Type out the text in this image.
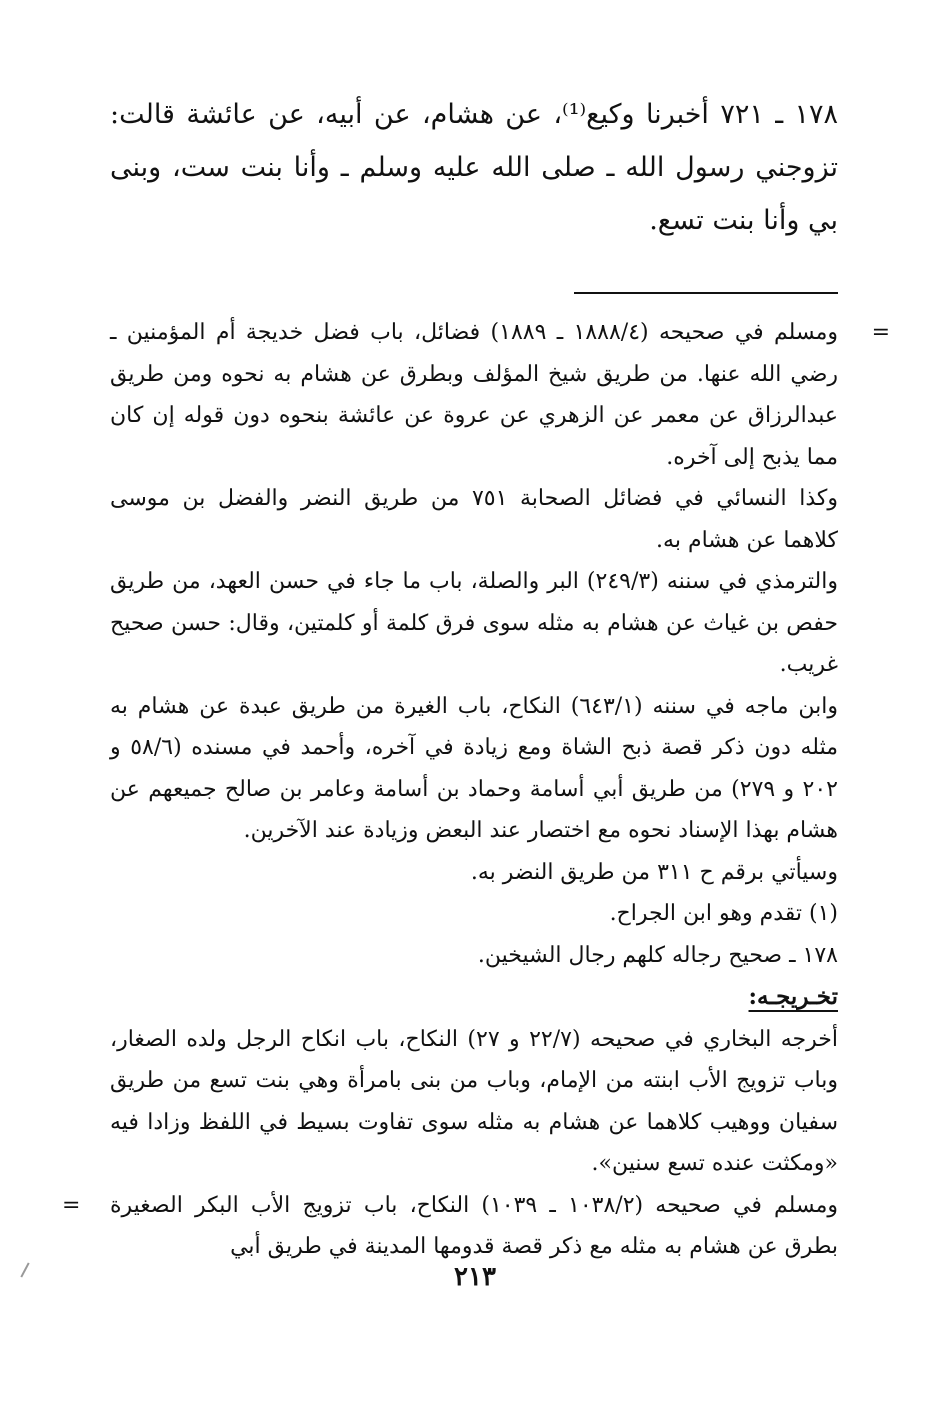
١٧٨ ـ ٧٢١ أخبرنا وكيع⁽¹⁾، عن هشام، عن أبيه، عن عائشة قالت: تزوجني رسول الله ـ صلى الله عليه وسلم ـ وأنا بنت ست، وبنى بي وأنا بنت تسع.

=
ومسلم في صحيحه (١٨٨٨/٤ ـ ١٨٨٩) فضائل، باب فضل خديجة أم المؤمنين ـ رضي الله عنها. من طريق شيخ المؤلف وبطرق عن هشام به نحوه ومن طريق عبدالرزاق عن معمر عن الزهري عن عروة عن عائشة بنحوه دون قوله إن كان مما يذبح إلى آخره.

وكذا النسائي في فضائل الصحابة ٧٥١ من طريق النضر والفضل بن موسى كلاهما عن هشام به.

والترمذي في سننه (٢٤٩/٣) البر والصلة، باب ما جاء في حسن العهد، من طريق حفص بن غياث عن هشام به مثله سوى فرق كلمة أو كلمتين، وقال: حسن صحيح غريب.

وابن ماجه في سننه (٦٤٣/١) النكاح، باب الغيرة من طريق عبدة عن هشام به مثله دون ذكر قصة ذبح الشاة ومع زيادة في آخره، وأحمد في مسنده (٥٨/٦ و ٢٠٢ و ٢٧٩) من طريق أبي أسامة وحماد بن أسامة وعامر بن صالح جميعهم عن هشام بهذا الإسناد نحوه مع اختصار عند البعض وزيادة عند الآخرين.

وسيأتي برقم ح ٣١١ من طريق النضر به.

(١) تقدم وهو ابن الجراح.

١٧٨ ـ صحيح رجاله كلهم رجال الشيخين.

تخـريجـه:

أخرجه البخاري في صحيحه (٢٢/٧ و ٢٧) النكاح، باب انكاح الرجل ولده الصغار، وباب تزويج الأب ابنته من الإمام، وباب من بنى بامرأة وهي بنت تسع من طريق سفيان ووهيب كلاهما عن هشام به مثله سوى تفاوت بسيط في اللفظ وزادا فيه «ومكثت عنده تسع سنين».

ومسلم في صحيحه (١٠٣٨/٢ ـ ١٠٣٩) النكاح، باب تزويج الأب البكر الصغيرة بطرق عن هشام به مثله مع ذكر قصة قدومها المدينة في طريق أبي
=

٢١٣
